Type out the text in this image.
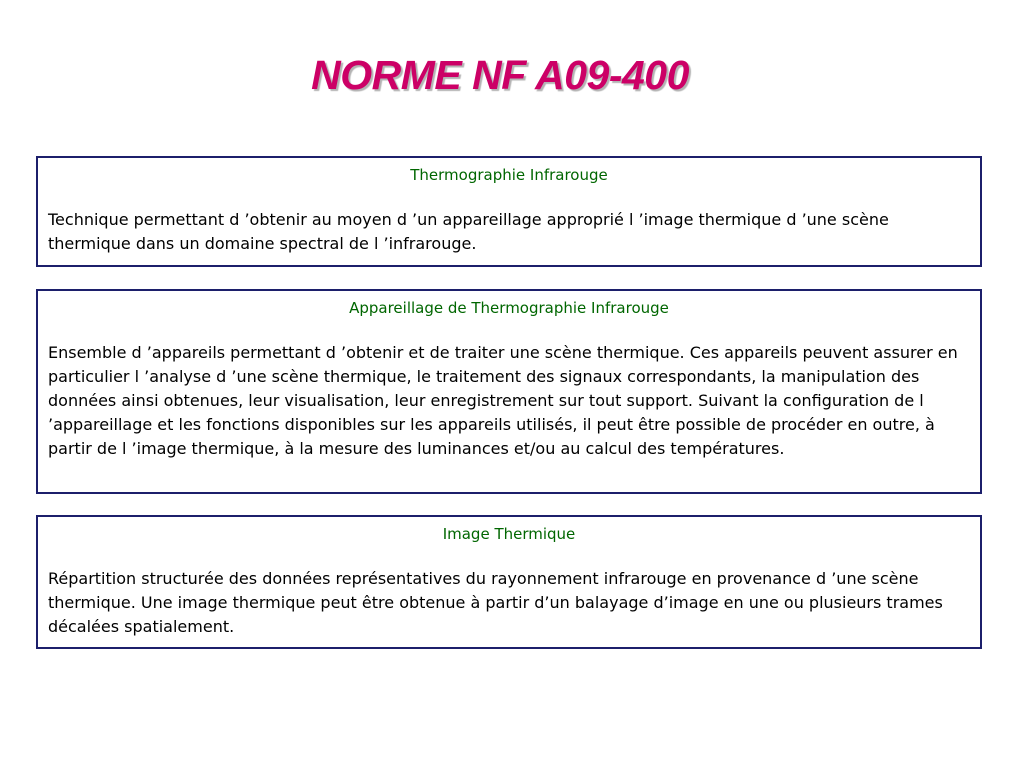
NORME NF A09-400
Thermographie Infrarouge

Technique permettant d ’obtenir au moyen d ’un appareillage approprié l ’image thermique d ’une scène thermique dans un domaine spectral de l ’infrarouge.

Appareillage de Thermographie Infrarouge

Ensemble d ’appareils permettant d ’obtenir et de traiter une scène thermique. Ces appareils peuvent assurer en particulier l ’analyse d ’une scène thermique, le traitement des signaux correspondants, la manipulation des données ainsi obtenues, leur visualisation, leur enregistrement sur tout support. Suivant la configuration de l ’appareillage et les fonctions disponibles sur les appareils utilisés, il peut être possible de procéder en outre, à partir de l ’image thermique, à la mesure des luminances et/ou au calcul des températures.

Image Thermique

Répartition structurée des données représentatives du rayonnement infrarouge en provenance d ’une scène thermique. Une image thermique peut être obtenue à partir d’un balayage d’image en une ou plusieurs trames décalées spatialement.
